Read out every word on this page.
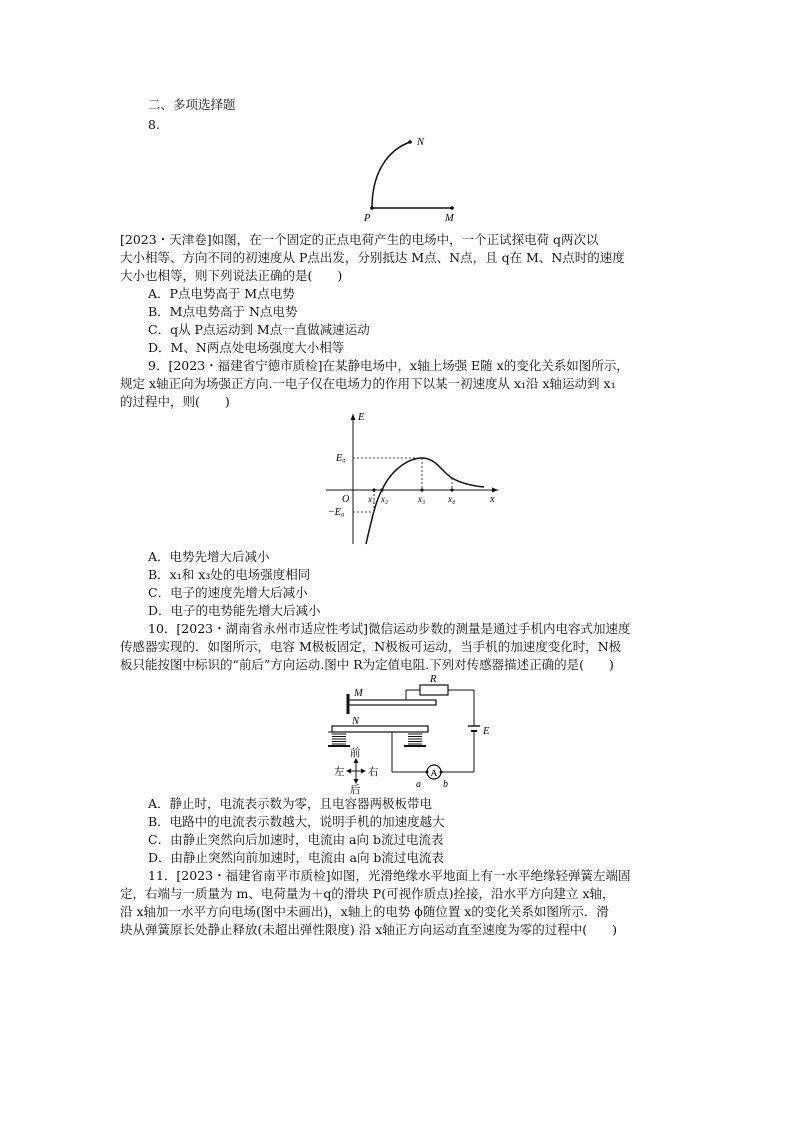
二、多项选择题
8.
N
P	M
[2023・天津卷]如图，在一个固定的正点电荷产生的电场中，一个正试探电荷 q两次以
大小相等、方向不同的初速度从 P点出发，分别抵达 M点、N点，且 q在 M、N点时的速度
大小也相等，则下列说法正确的是(　　)
A．P点电势高于 M点电势
B．M点电势高于 N点电势
C．q从 P点运动到 M点一直做减速运动
D．M、N两点处电场强度大小相等
9．[2023・福建省宁德市质检]在某静电场中，x轴上场强 E随 x的变化关系如图所示，
规定 x轴正向为场强正方向.一电子仅在电场力的作用下以某一初速度从 x₁沿 x轴运动到 x₁
的过程中，则(　　)
E
E₀
−E₀
O x₁ x₂	x₃	x₄	x
A．电势先增大后减小
B．x₁和 x₃处的电场强度相同
C．电子的速度先增大后减小
D．电子的电势能先增大后减小
10．[2023・湖南省永州市适应性考试]微信运动步数的测量是通过手机内电容式加速度
传感器实现的．如图所示，电容 M极板固定，N极板可运动，当手机的加速度变化时，N极
板只能按图中标识的“前后”方向运动.图中 R为定值电阻.下列对传感器描述正确的是(　　)
M
R
E
N
A
a b
前
后
左 右
A．静止时，电流表示数为零，且电容器两极板带电
B．电路中的电流表示数越大，说明手机的加速度越大
C．由静止突然向后加速时，电流由 a向 b流过电流表
D．由静止突然向前加速时，电流由 a向 b流过电流表
11．[2023・福建省南平市质检]如图，光滑绝缘水平地面上有一水平绝缘轻弹簧左端固
定，右端与一质量为 m、电荷量为＋q的滑块 P(可视作质点)拴接，沿水平方向建立 x轴，
沿 x轴加一水平方向电场(图中未画出)，x轴上的电势 ϕ随位置 x的变化关系如图所示．滑
块从弹簧原长处静止释放(未超出弹性限度) 沿 x轴正方向运动直至速度为零的过程中(　　)
